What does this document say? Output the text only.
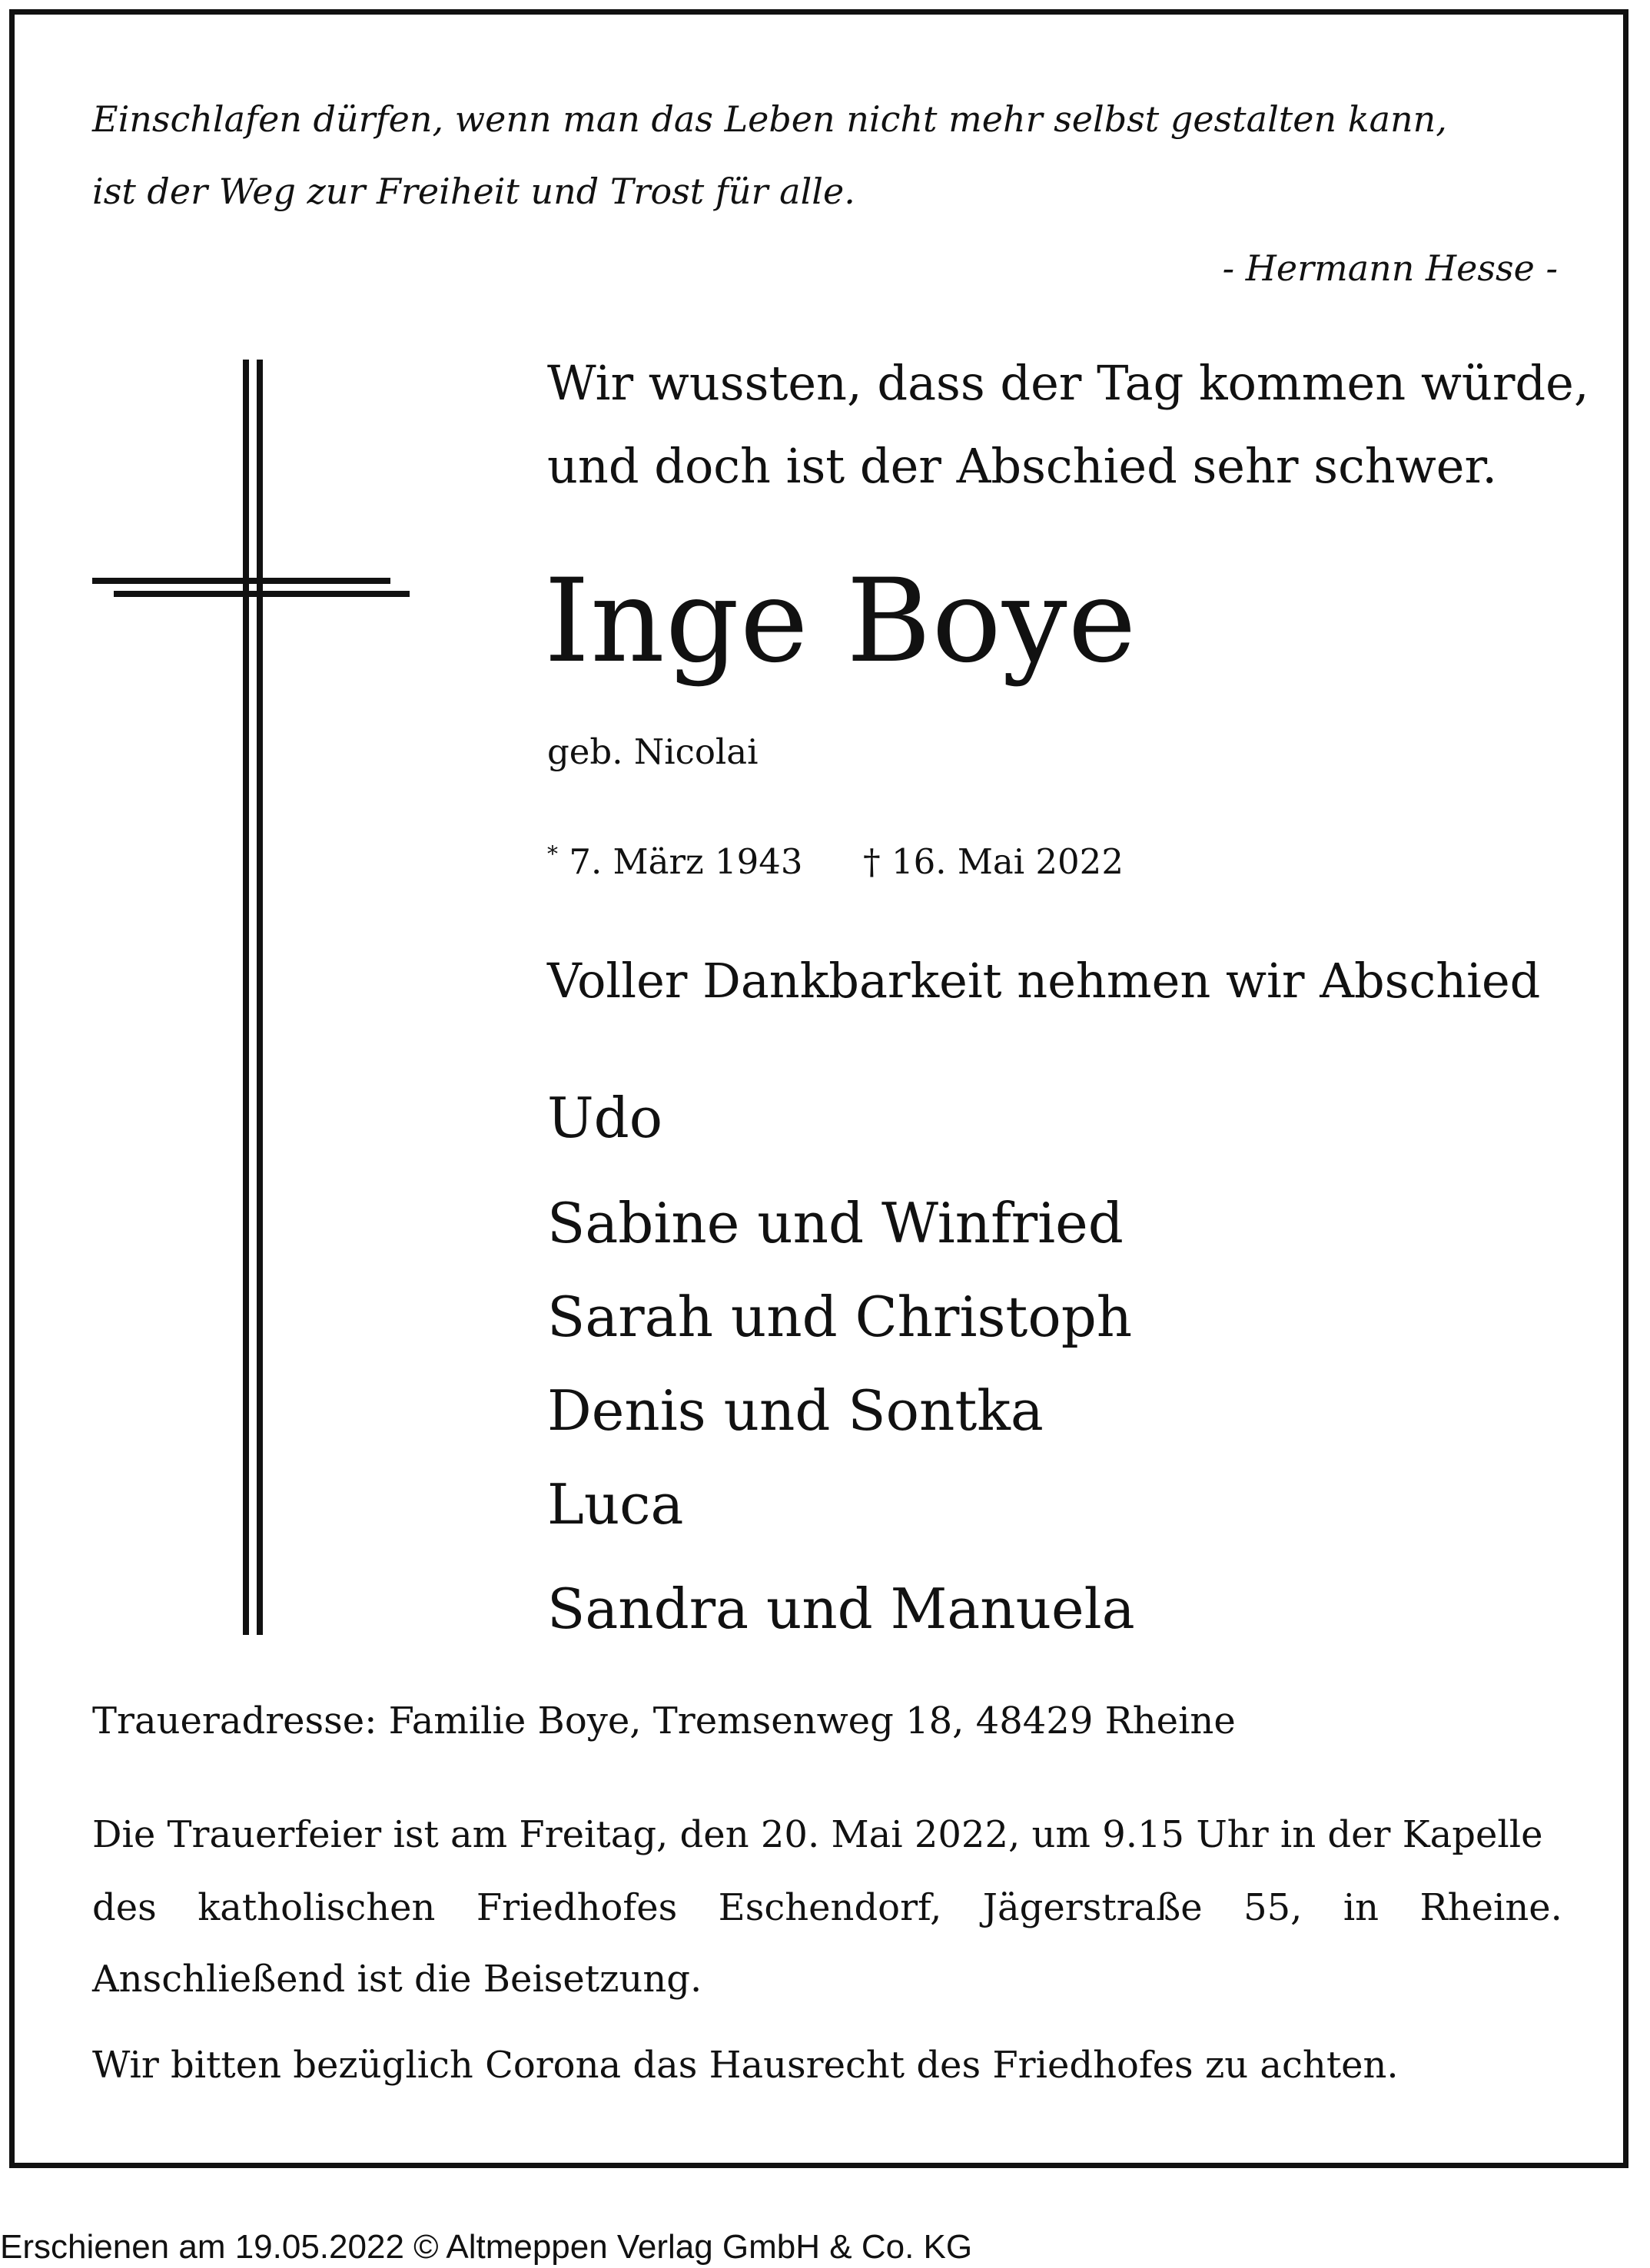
Einschlafen dürfen, wenn man das Leben nicht mehr selbst gestalten kann,
ist der Weg zur Freiheit und Trost für alle.
- Hermann Hesse -
Wir wussten, dass der Tag kommen würde,
und doch ist der Abschied sehr schwer.
Inge Boye
geb. Nicolai
* 7. März 1943 † 16. Mai 2022
Voller Dankbarkeit nehmen wir Abschied
Udo
Sabine und Winfried
Sarah und Christoph
Denis und Sontka
Luca
Sandra und Manuela
Traueradresse: Familie Boye, Tremsenweg 18, 48429 Rheine
Die Trauerfeier ist am Freitag, den 20. Mai 2022, um 9.15 Uhr in der Kapelle
des katholischen Friedhofes Eschendorf, Jägerstraße 55, in Rheine.
Anschließend ist die Beisetzung.
Wir bitten bezüglich Corona das Hausrecht des Friedhofes zu achten.
Erschienen am 19.05.2022 © Altmeppen Verlag GmbH & Co. KG
